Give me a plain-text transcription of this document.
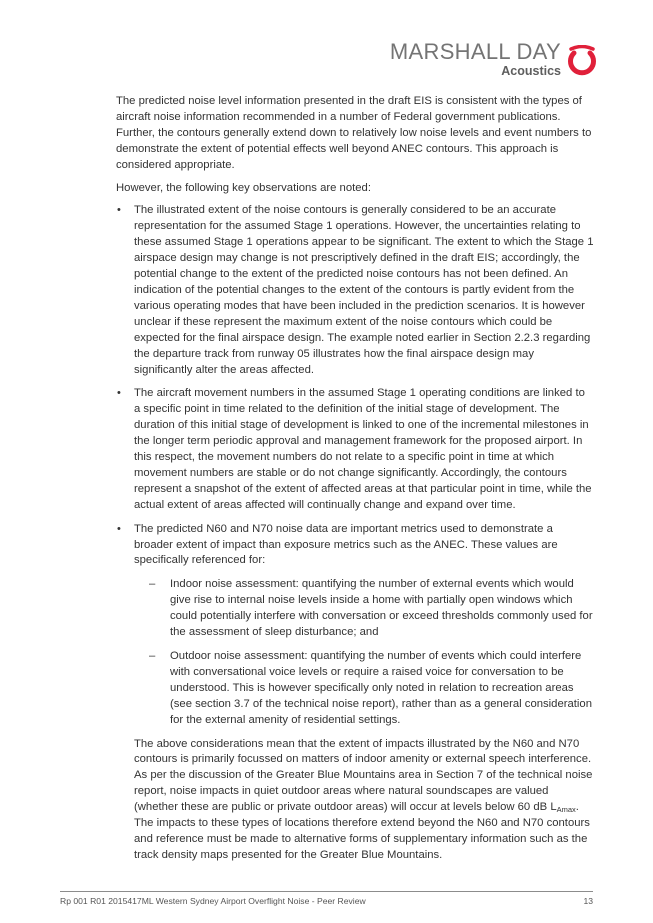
MARSHALL DAY
Acoustics

The predicted noise level information presented in the draft EIS is consistent with the types of aircraft noise information recommended in a number of Federal government publications. Further, the contours generally extend down to relatively low noise levels and event numbers to demonstrate the extent of potential effects well beyond ANEC contours. This approach is considered appropriate.

However, the following key observations are noted:

• The illustrated extent of the noise contours is generally considered to be an accurate representation for the assumed Stage 1 operations. However, the uncertainties relating to these assumed Stage 1 operations appear to be significant. The extent to which the Stage 1 airspace design may change is not prescriptively defined in the draft EIS; accordingly, the potential change to the extent of the predicted noise contours has not been defined. An indication of the potential changes to the extent of the contours is partly evident from the various operating modes that have been included in the prediction scenarios. It is however unclear if these represent the maximum extent of the noise contours which could be expected for the final airspace design. The example noted earlier in Section 2.2.3 regarding the departure track from runway 05 illustrates how the final airspace design may significantly alter the areas affected.
• The aircraft movement numbers in the assumed Stage 1 operating conditions are linked to a specific point in time related to the definition of the initial stage of development. The duration of this initial stage of development is linked to one of the incremental milestones in the longer term periodic approval and management framework for the proposed airport. In this respect, the movement numbers do not relate to a specific point in time at which movement numbers are stable or do not change significantly. Accordingly, the contours represent a snapshot of the extent of affected areas at that particular point in time, while the actual extent of areas affected will continually change and expand over time.
• The predicted N60 and N70 noise data are important metrics used to demonstrate a broader extent of impact than exposure metrics such as the ANEC. These values are specifically referenced for:
– Indoor noise assessment: quantifying the number of external events which would give rise to internal noise levels inside a home with partially open windows which could potentially interfere with conversation or exceed thresholds commonly used for the assessment of sleep disturbance; and
– Outdoor noise assessment: quantifying the number of events which could interfere with conversational voice levels or require a raised voice for conversation to be understood. This is however specifically only noted in relation to recreation areas (see section 3.7 of the technical noise report), rather than as a general consideration for the external amenity of residential settings.

The above considerations mean that the extent of impacts illustrated by the N60 and N70 contours is primarily focussed on matters of indoor amenity or external speech interference. As per the discussion of the Greater Blue Mountains area in Section 7 of the technical noise report, noise impacts in quiet outdoor areas where natural soundscapes are valued (whether these are public or private outdoor areas) will occur at levels below 60 dB $L_{Amax}$. The impacts to these types of locations therefore extend beyond the N60 and N70 contours and reference must be made to alternative forms of supplementary information such as the track density maps presented for the Greater Blue Mountains.

Rp 001 R01 2015417ML Western Sydney Airport Overflight Noise - Peer Review	13
